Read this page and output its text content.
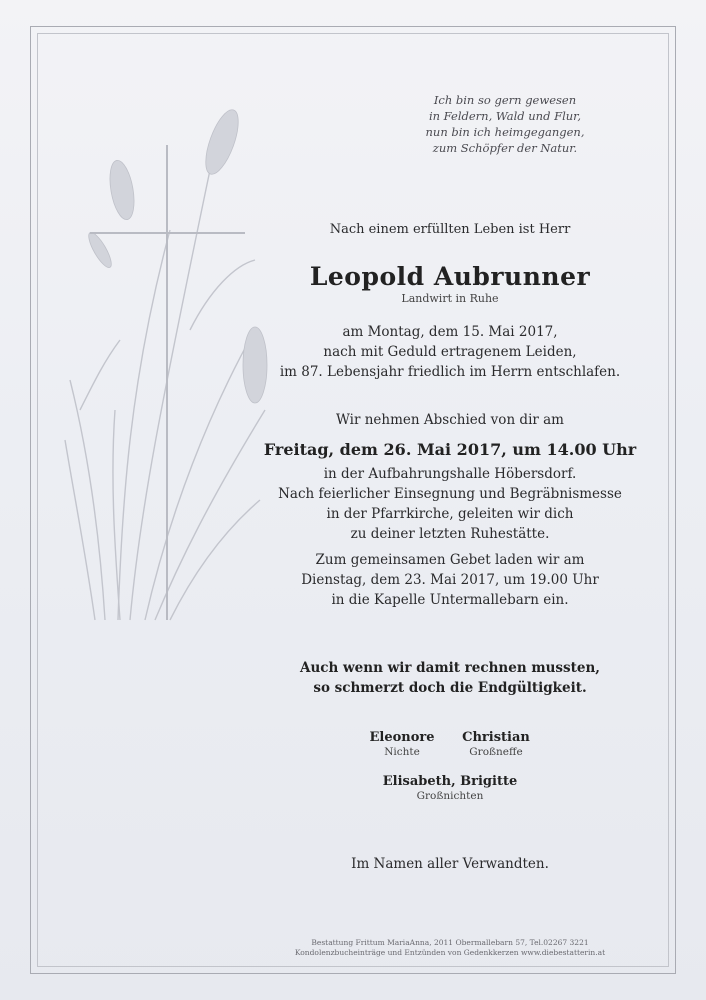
Ich bin so gern gewesen
in Feldern, Wald und Flur,
nun bin ich heimgegangen,
zum Schöpfer der Natur.
Nach einem erfüllten Leben ist Herr
Leopold Aubrunner
Landwirt in Ruhe
am Montag, dem 15. Mai 2017,
nach mit Geduld ertragenem Leiden,
im 87. Lebensjahr friedlich im Herrn entschlafen.
Wir nehmen Abschied von dir am
Freitag, dem 26. Mai 2017, um 14.00 Uhr
in der Aufbahrungshalle Höbersdorf.
Nach feierlicher Einsegnung und Begräbnismesse
in der Pfarrkirche, geleiten wir dich
zu deiner letzten Ruhestätte.
Zum gemeinsamen Gebet laden wir am
Dienstag, dem 23. Mai 2017, um 19.00 Uhr
in die Kapelle Untermallebarn ein.
Auch wenn wir damit rechnen mussten,
so schmerzt doch die Endgültigkeit.
Eleonore
Nichte
Christian
Großneffe
Elisabeth, Brigitte
Großnichten
Im Namen aller Verwandten.
Bestattung Frittum MariaAnna, 2011 Obermallebarn 57, Tel.02267 3221
Kondolenzbucheinträge und Entzünden von Gedenkkerzen www.diebestatterin.at
